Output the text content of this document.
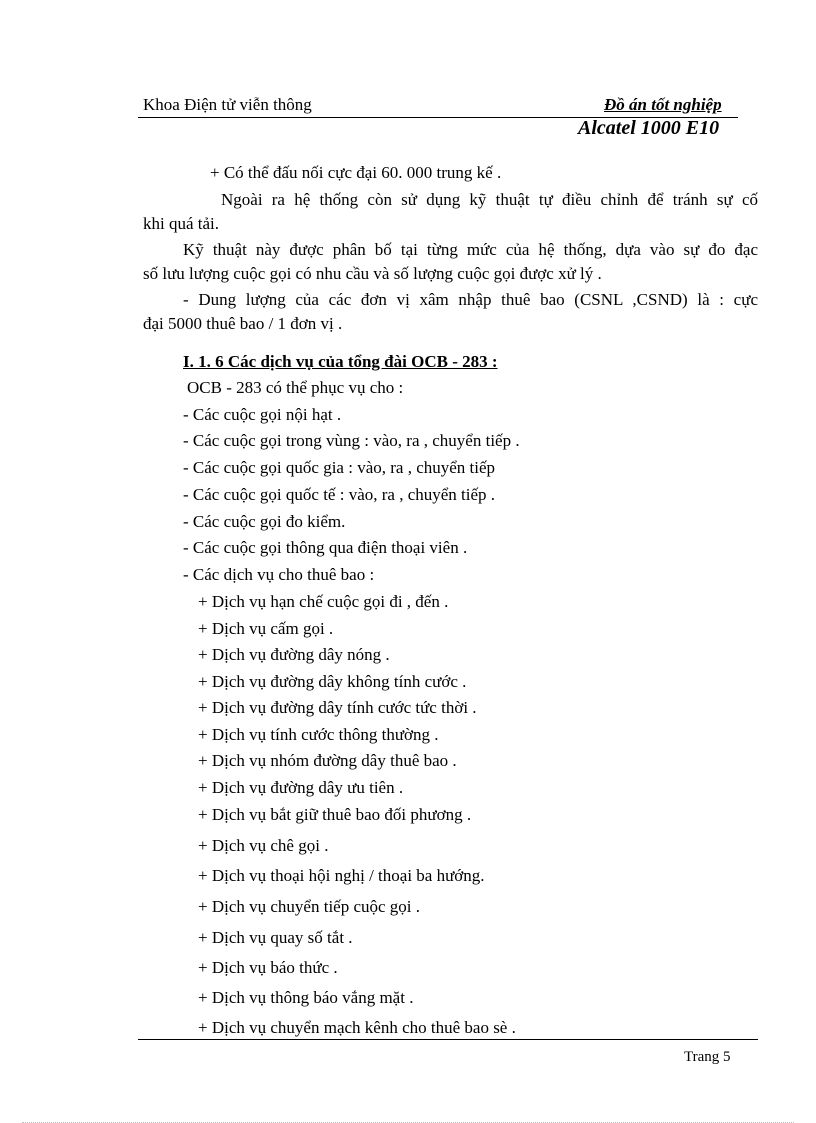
Khoa Điện tử viễn thông	Đồ án tốt nghiệp
Alcatel 1000 E10
+ Có thể đấu nối cực đại 60. 000 trung kế .
Ngoài ra hệ thống còn sử dụng kỹ thuật tự điều chỉnh để tránh sự cố
khi quá tải.
Kỹ thuật này được phân bố tại từng mức của hệ thống, dựa vào sự đo đạc
số lưu lượng cuộc gọi có nhu cầu và số lượng cuộc gọi được xử lý .
- Dung lượng của các đơn vị xâm nhập thuê bao (CSNL ,CSND) là : cực
đại 5000 thuê bao / 1 đơn vị .
I. 1. 6 Các dịch vụ của tổng đài OCB - 283 :
OCB - 283 có thể phục vụ cho :
- Các cuộc gọi nội hạt .
- Các cuộc gọi trong vùng : vào, ra , chuyển tiếp .
- Các cuộc gọi quốc gia : vào, ra , chuyển tiếp
- Các cuộc gọi quốc tế : vào, ra , chuyển tiếp .
- Các cuộc gọi đo kiểm.
- Các cuộc gọi thông qua điện thoại viên .
- Các dịch vụ cho thuê bao :
+ Dịch vụ hạn chế cuộc gọi đi , đến .
+ Dịch vụ cấm gọi .
+ Dịch vụ đường dây nóng .
+ Dịch vụ đường dây không tính cước .
+ Dịch vụ đường dây tính cước tức thời .
+ Dịch vụ tính cước thông thường .
+ Dịch vụ nhóm đường dây thuê bao .
+ Dịch vụ đường dây ưu tiên .
+ Dịch vụ bắt giữ thuê bao đối phương .
+ Dịch vụ chê gọi .
+ Dịch vụ thoại hội nghị / thoại ba hướng.
+ Dịch vụ chuyển tiếp cuộc gọi .
+ Dịch vụ quay số tắt .
+ Dịch vụ báo thức .
+ Dịch vụ thông báo vắng mặt .
+ Dịch vụ chuyển mạch kênh cho thuê bao sè .
Trang 5
